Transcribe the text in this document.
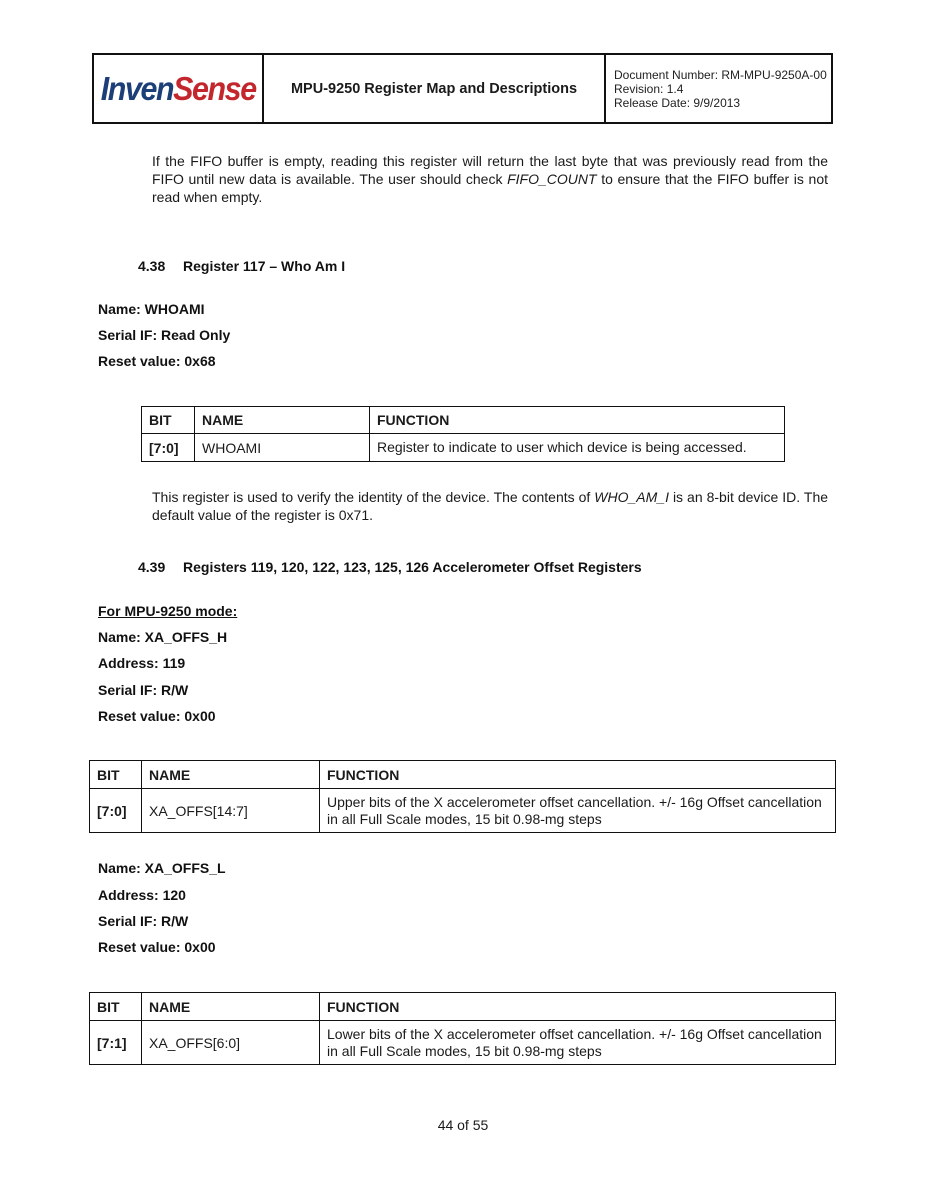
InvenSense	MPU-9250 Register Map and Descriptions
Document Number: RM-MPU-9250A-00
Revision: 1.4
Release Date: 9/9/2013
If the FIFO buffer is empty, reading this register will return the last byte that was previously read from the FIFO until new data is available. The user should check FIFO_COUNT to ensure that the FIFO buffer is not read when empty.
4.38 Register 117 – Who Am I
Name: WHOAMI
Serial IF: Read Only
Reset value: 0x68
BIT	NAME	FUNCTION
[7:0]	WHOAMI	Register to indicate to user which device is being accessed.
This register is used to verify the identity of the device. The contents of WHO_AM_I is an 8-bit device ID. The default value of the register is 0x71.
4.39 Registers 119, 120, 122, 123, 125, 126 Accelerometer Offset Registers
For MPU-9250 mode:
Name: XA_OFFS_H
Address: 119
Serial IF: R/W
Reset value: 0x00
BIT	NAME	FUNCTION
[7:0]	XA_OFFS[14:7]	Upper bits of the X accelerometer offset cancellation. +/- 16g Offset cancellation in all Full Scale modes, 15 bit 0.98-mg steps
Name: XA_OFFS_L
Address: 120
Serial IF: R/W
Reset value: 0x00
BIT	NAME	FUNCTION
[7:1]	XA_OFFS[6:0]	Lower bits of the X accelerometer offset cancellation. +/- 16g Offset cancellation in all Full Scale modes, 15 bit 0.98-mg steps
44 of 55
